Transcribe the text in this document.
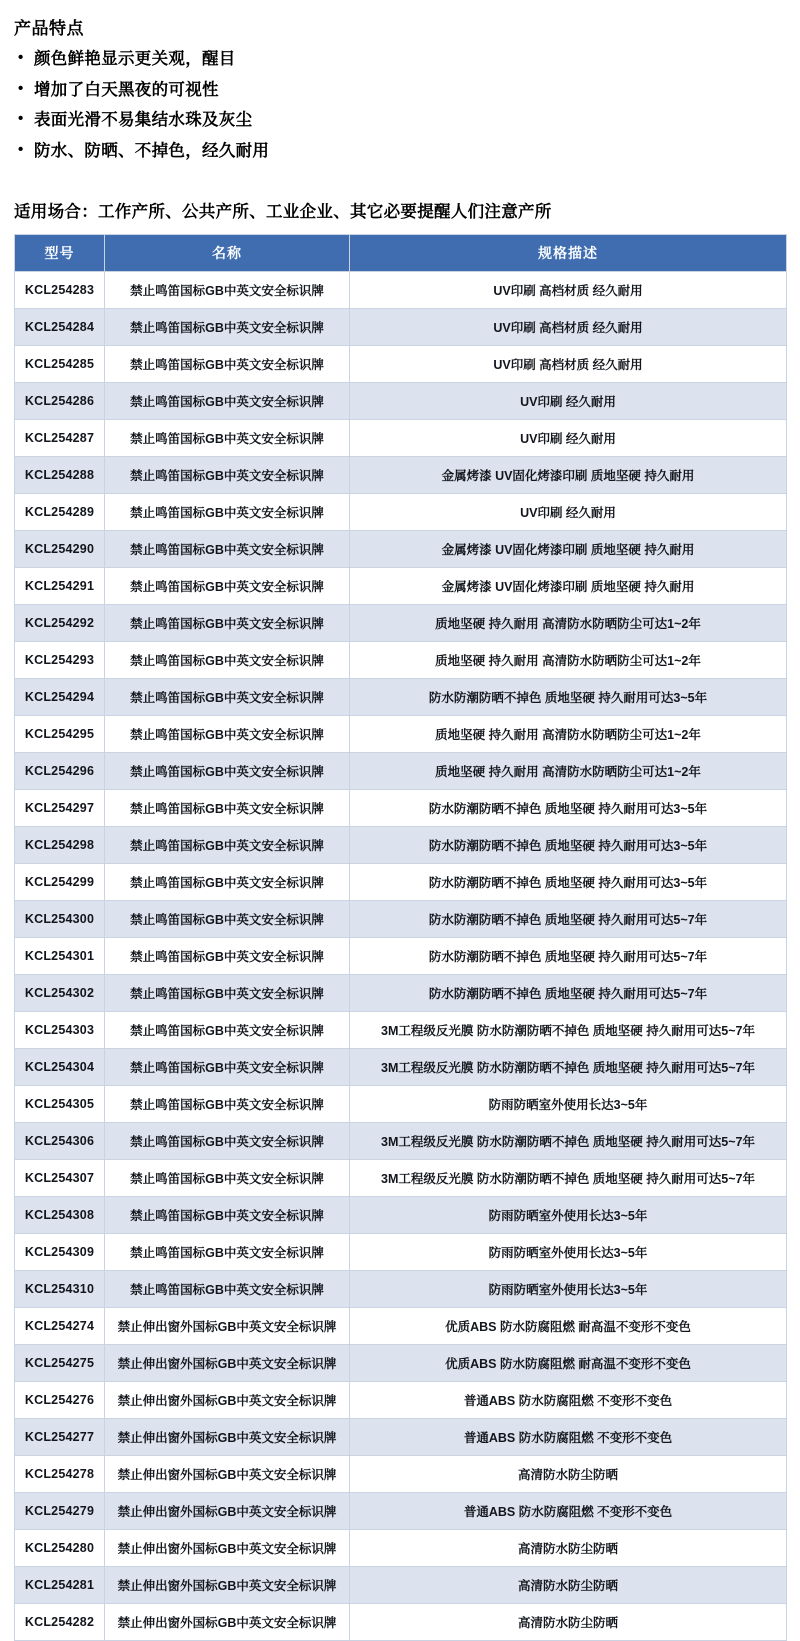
产品特点
• 颜色鲜艳显示更关观，醒目
• 增加了白天黑夜的可视性
• 表面光滑不易集结水珠及灰尘
• 防水、防晒、不掉色，经久耐用

适用场合：工作产所、公共产所、工业企业、其它必要提醒人们注意产所

型号	名称	规格描述
KCL254283	禁止鸣笛国标GB中英文安全标识牌	UV印刷 高档材质 经久耐用
KCL254284	禁止鸣笛国标GB中英文安全标识牌	UV印刷 高档材质 经久耐用
KCL254285	禁止鸣笛国标GB中英文安全标识牌	UV印刷 高档材质 经久耐用
KCL254286	禁止鸣笛国标GB中英文安全标识牌	UV印刷 经久耐用
KCL254287	禁止鸣笛国标GB中英文安全标识牌	UV印刷 经久耐用
KCL254288	禁止鸣笛国标GB中英文安全标识牌	金属烤漆 UV固化烤漆印刷 质地坚硬 持久耐用
KCL254289	禁止鸣笛国标GB中英文安全标识牌	UV印刷 经久耐用
KCL254290	禁止鸣笛国标GB中英文安全标识牌	金属烤漆 UV固化烤漆印刷 质地坚硬 持久耐用
KCL254291	禁止鸣笛国标GB中英文安全标识牌	金属烤漆 UV固化烤漆印刷 质地坚硬 持久耐用
KCL254292	禁止鸣笛国标GB中英文安全标识牌	质地坚硬 持久耐用 高清防水防晒防尘可达1~2年
KCL254293	禁止鸣笛国标GB中英文安全标识牌	质地坚硬 持久耐用 高清防水防晒防尘可达1~2年
KCL254294	禁止鸣笛国标GB中英文安全标识牌	防水防潮防晒不掉色 质地坚硬 持久耐用可达3~5年
KCL254295	禁止鸣笛国标GB中英文安全标识牌	质地坚硬 持久耐用 高清防水防晒防尘可达1~2年
KCL254296	禁止鸣笛国标GB中英文安全标识牌	质地坚硬 持久耐用 高清防水防晒防尘可达1~2年
KCL254297	禁止鸣笛国标GB中英文安全标识牌	防水防潮防晒不掉色 质地坚硬 持久耐用可达3~5年
KCL254298	禁止鸣笛国标GB中英文安全标识牌	防水防潮防晒不掉色 质地坚硬 持久耐用可达3~5年
KCL254299	禁止鸣笛国标GB中英文安全标识牌	防水防潮防晒不掉色 质地坚硬 持久耐用可达3~5年
KCL254300	禁止鸣笛国标GB中英文安全标识牌	防水防潮防晒不掉色 质地坚硬 持久耐用可达5~7年
KCL254301	禁止鸣笛国标GB中英文安全标识牌	防水防潮防晒不掉色 质地坚硬 持久耐用可达5~7年
KCL254302	禁止鸣笛国标GB中英文安全标识牌	防水防潮防晒不掉色 质地坚硬 持久耐用可达5~7年
KCL254303	禁止鸣笛国标GB中英文安全标识牌	3M工程级反光膜 防水防潮防晒不掉色 质地坚硬 持久耐用可达5~7年
KCL254304	禁止鸣笛国标GB中英文安全标识牌	3M工程级反光膜 防水防潮防晒不掉色 质地坚硬 持久耐用可达5~7年
KCL254305	禁止鸣笛国标GB中英文安全标识牌	防雨防晒室外使用长达3~5年
KCL254306	禁止鸣笛国标GB中英文安全标识牌	3M工程级反光膜 防水防潮防晒不掉色 质地坚硬 持久耐用可达5~7年
KCL254307	禁止鸣笛国标GB中英文安全标识牌	3M工程级反光膜 防水防潮防晒不掉色 质地坚硬 持久耐用可达5~7年
KCL254308	禁止鸣笛国标GB中英文安全标识牌	防雨防晒室外使用长达3~5年
KCL254309	禁止鸣笛国标GB中英文安全标识牌	防雨防晒室外使用长达3~5年
KCL254310	禁止鸣笛国标GB中英文安全标识牌	防雨防晒室外使用长达3~5年
KCL254274	禁止伸出窗外国标GB中英文安全标识牌	优质ABS 防水防腐阻燃 耐高温不变形不变色
KCL254275	禁止伸出窗外国标GB中英文安全标识牌	优质ABS 防水防腐阻燃 耐高温不变形不变色
KCL254276	禁止伸出窗外国标GB中英文安全标识牌	普通ABS 防水防腐阻燃 不变形不变色
KCL254277	禁止伸出窗外国标GB中英文安全标识牌	普通ABS 防水防腐阻燃 不变形不变色
KCL254278	禁止伸出窗外国标GB中英文安全标识牌	高清防水防尘防晒
KCL254279	禁止伸出窗外国标GB中英文安全标识牌	普通ABS 防水防腐阻燃 不变形不变色
KCL254280	禁止伸出窗外国标GB中英文安全标识牌	高清防水防尘防晒
KCL254281	禁止伸出窗外国标GB中英文安全标识牌	高清防水防尘防晒
KCL254282	禁止伸出窗外国标GB中英文安全标识牌	高清防水防尘防晒
